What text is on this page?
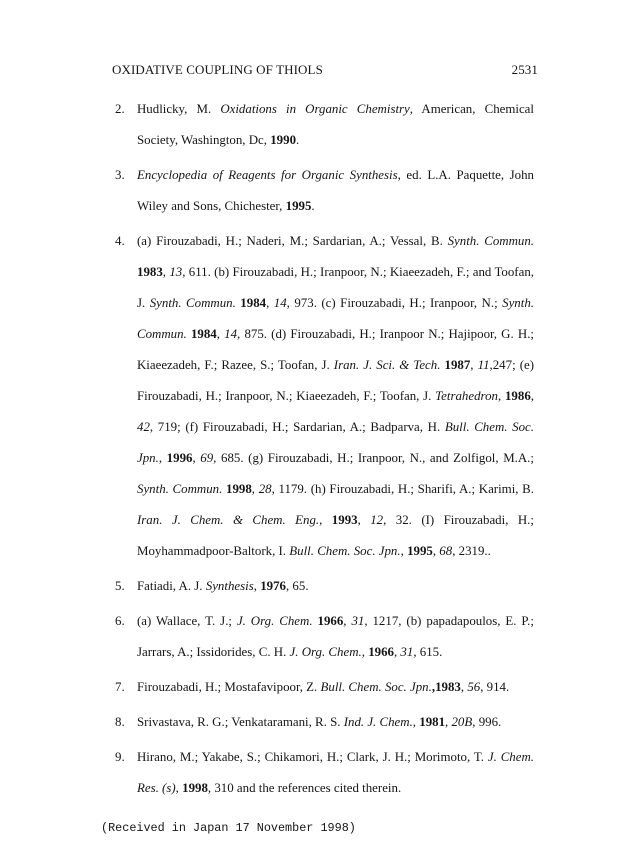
OXIDATIVE COUPLING OF THIOLS	2531
2. Hudlicky, M. Oxidations in Organic Chemistry, American, Chemical Society, Washington, Dc, 1990.
3. Encyclopedia of Reagents for Organic Synthesis, ed. L.A. Paquette, John Wiley and Sons, Chichester, 1995.
4. (a) Firouzabadi, H.; Naderi, M.; Sardarian, A.; Vessal, B. Synth. Commun. 1983, 13, 611. (b) Firouzabadi, H.; Iranpoor, N.; Kiaeezadeh, F.; and Toofan, J. Synth. Commun. 1984, 14, 973. (c) Firouzabadi, H.; Iranpoor, N.; Synth. Commun. 1984, 14, 875. (d) Firouzabadi, H.; Iranpoor N.; Hajipoor, G. H.; Kiaeezadeh, F.; Razee, S.; Toofan, J. Iran. J. Sci. & Tech. 1987, 11,247; (e) Firouzabadi, H.; Iranpoor, N.; Kiaeezadeh, F.; Toofan, J. Tetrahedron, 1986, 42, 719; (f) Firouzabadi, H.; Sardarian, A.; Badparva, H. Bull. Chem. Soc. Jpn., 1996, 69, 685. (g) Firouzabadi, H.; Iranpoor, N., and Zolfigol, M.A.; Synth. Commun. 1998, 28, 1179. (h) Firouzabadi, H.; Sharifi, A.; Karimi, B. Iran. J. Chem. & Chem. Eng., 1993, 12, 32. (I) Firouzabadi, H.; Moyhammadpoor-Baltork, I. Bull. Chem. Soc. Jpn., 1995, 68, 2319..
5. Fatiadi, A. J. Synthesis, 1976, 65.
6. (a) Wallace, T. J.; J. Org. Chem. 1966, 31, 1217, (b) papadapoulos, E. P.; Jarrars, A.; Issidorides, C. H. J. Org. Chem., 1966, 31, 615.
7. Firouzabadi, H.; Mostafavipoor, Z. Bull. Chem. Soc. Jpn.,1983, 56, 914.
8. Srivastava, R. G.; Venkataramani, R. S. Ind. J. Chem., 1981, 20B, 996.
9. Hirano, M.; Yakabe, S.; Chikamori, H.; Clark, J. H.; Morimoto, T. J. Chem. Res. (s), 1998, 310 and the references cited therein.
(Received in Japan 17 November 1998)
